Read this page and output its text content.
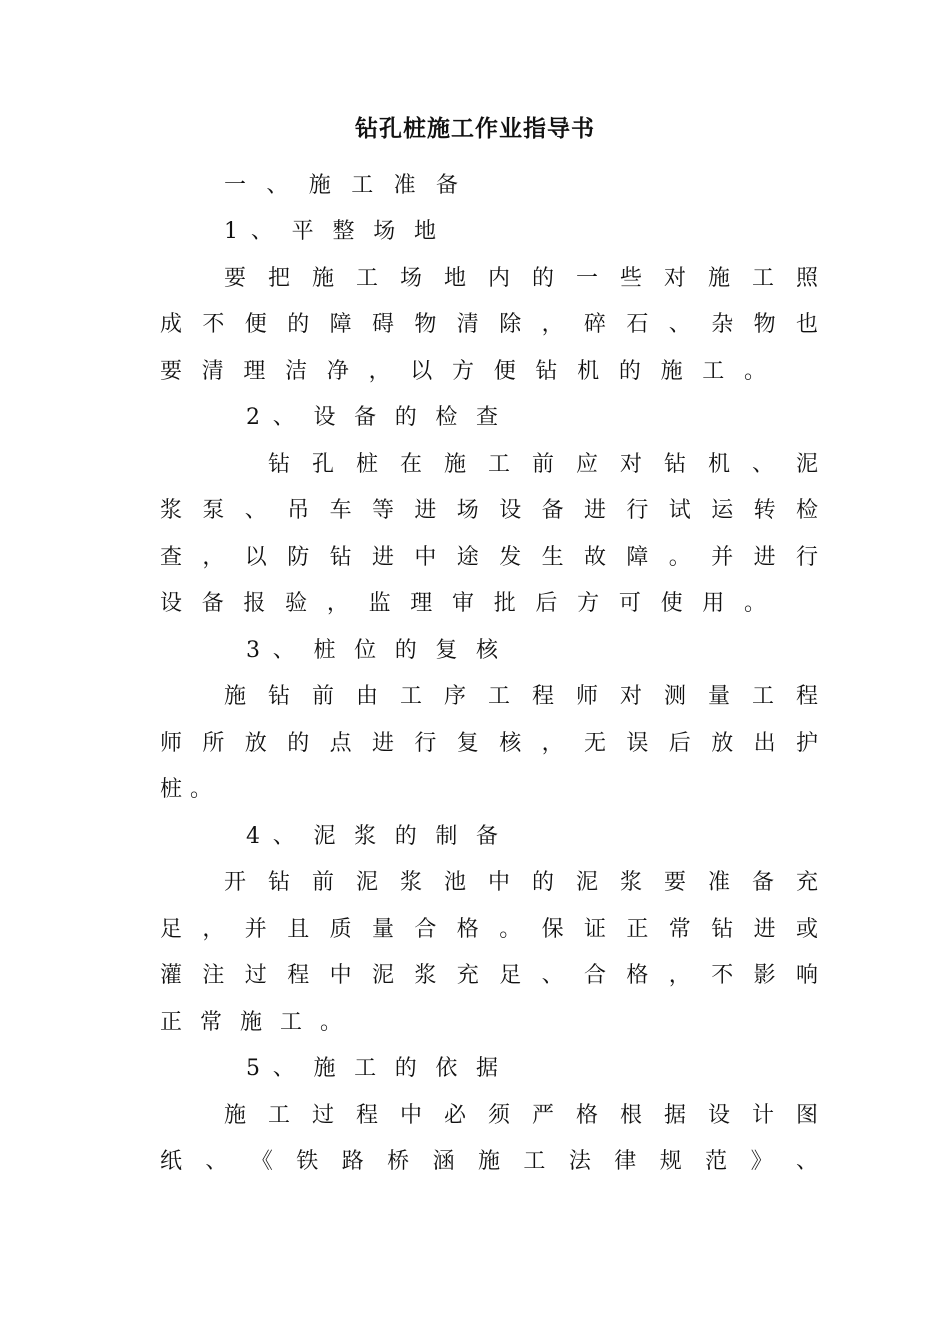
钻孔桩施工作业指导书

一 、 施 工 准 备

1 、 平 整 场 地

要 把 施 工 场 地 内 的 一 些 对 施 工 照

成 不 便 的 障 碍 物 清 除 ， 碎 石 、 杂 物 也

要 清 理 洁 净 ， 以 方 便 钻 机 的 施 工 。

2 、 设 备 的 检 查

钻 孔 桩 在 施 工 前 应 对 钻 机 、 泥

浆 泵 、 吊 车 等 进 场 设 备 进 行 试 运 转 检

查 ， 以 防 钻 进 中 途 发 生 故 障 。 并 进 行

设 备 报 验 ， 监 理 审 批 后 方 可 使 用 。

3 、 桩 位 的 复 核

施 钻 前 由 工 序 工 程 师 对 测 量 工 程

师 所 放 的 点 进 行 复 核 ， 无 误 后 放 出 护

桩 。

4 、 泥 浆 的 制 备

开 钻 前 泥 浆 池 中 的 泥 浆 要 准 备 充

足 ， 并 且 质 量 合 格 。 保 证 正 常 钻 进 或

灌 注 过 程 中 泥 浆 充 足 、 合 格 ， 不 影 响

正 常 施 工 。

5 、 施 工 的 依 据

施 工 过 程 中 必 须 严 格 根 据 设 计 图

纸 、 《 铁 路 桥 涵 施 工 法 律 规 范 》 、
